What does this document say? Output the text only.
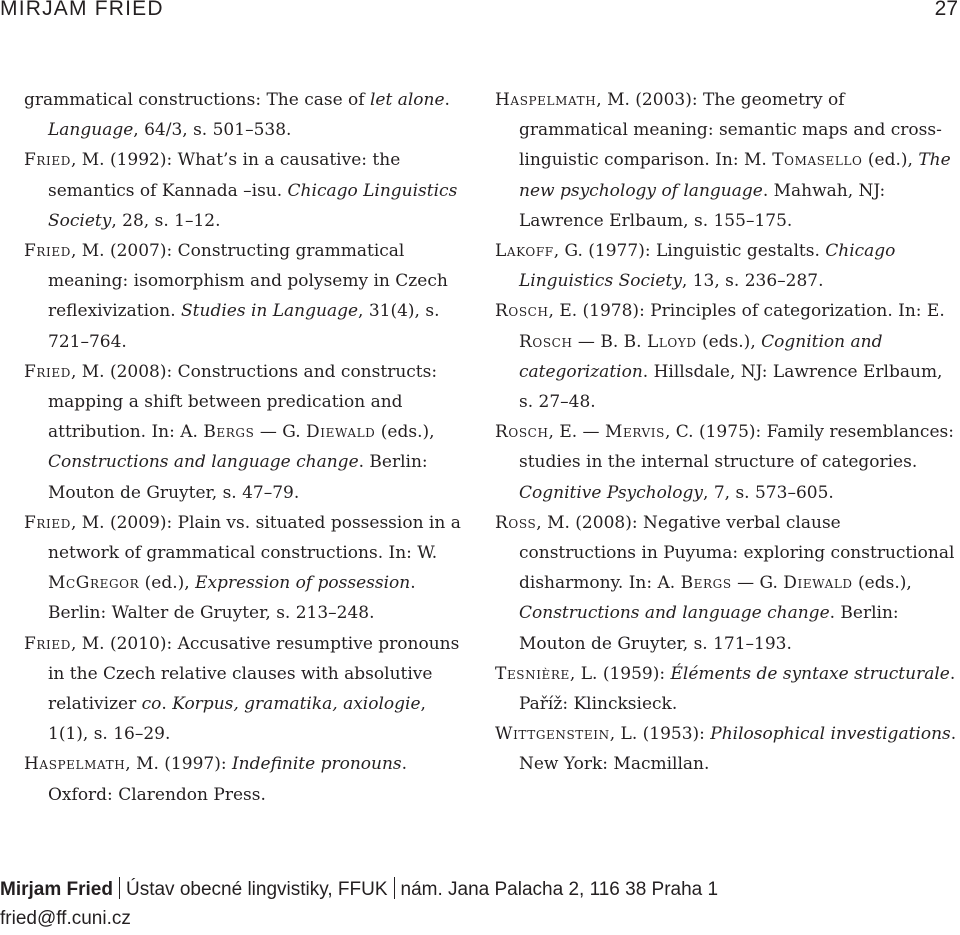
MIRJAM FRIED	27

grammatical constructions: The case of let alone. Language, 64/3, s. 501–538.

Fried, M. (1992): What’s in a causative: the semantics of Kannada –isu. Chicago Linguistics Society, 28, s. 1–12.

Fried, M. (2007): Constructing grammatical meaning: isomorphism and polysemy in Czech reflexivization. Studies in Language, 31(4), s. 721–764.

Fried, M. (2008): Constructions and constructs: mapping a shift between predication and attribution. In: A. Bergs — G. Diewald (eds.), Constructions and language change. Berlin: Mouton de Gruyter, s. 47–79.

Fried, M. (2009): Plain vs. situated possession in a network of grammatical constructions. In: W. McGregor (ed.), Expression of possession. Berlin: Walter de Gruyter, s. 213–248.

Fried, M. (2010): Accusative resumptive pronouns in the Czech relative clauses with absolutive relativizer co. Korpus, gramatika, axiologie, 1(1), s. 16–29.

Haspelmath, M. (1997): Indefinite pronouns. Oxford: Clarendon Press.

Haspelmath, M. (2003): The geometry of grammatical meaning: semantic maps and cross-linguistic comparison. In: M. Tomasello (ed.), The new psychology of language. Mahwah, NJ: Lawrence Erlbaum, s. 155–175.

Lakoff, G. (1977): Linguistic gestalts. Chicago Linguistics Society, 13, s. 236–287.

Rosch, E. (1978): Principles of categorization. In: E. Rosch — B. B. Lloyd (eds.), Cognition and categorization. Hillsdale, NJ: Lawrence Erlbaum, s. 27–48.

Rosch, E. — Mervis, C. (1975): Family resemblances: studies in the internal structure of categories. Cognitive Psychology, 7, s. 573–605.

Ross, M. (2008): Negative verbal clause constructions in Puyuma: exploring constructional disharmony. In: A. Bergs — G. Diewald (eds.), Constructions and language change. Berlin: Mouton de Gruyter, s. 171–193.

Tesnière, L. (1959): Éléments de syntaxe structurale. Paříž: Klincksieck.

Wittgenstein, L. (1953): Philosophical investigations. New York: Macmillan.

Mirjam Fried Ústav obecné lingvistiky, FFUK nám. Jana Palacha 2, 116 38 Praha 1
fried@ff.cuni.cz
